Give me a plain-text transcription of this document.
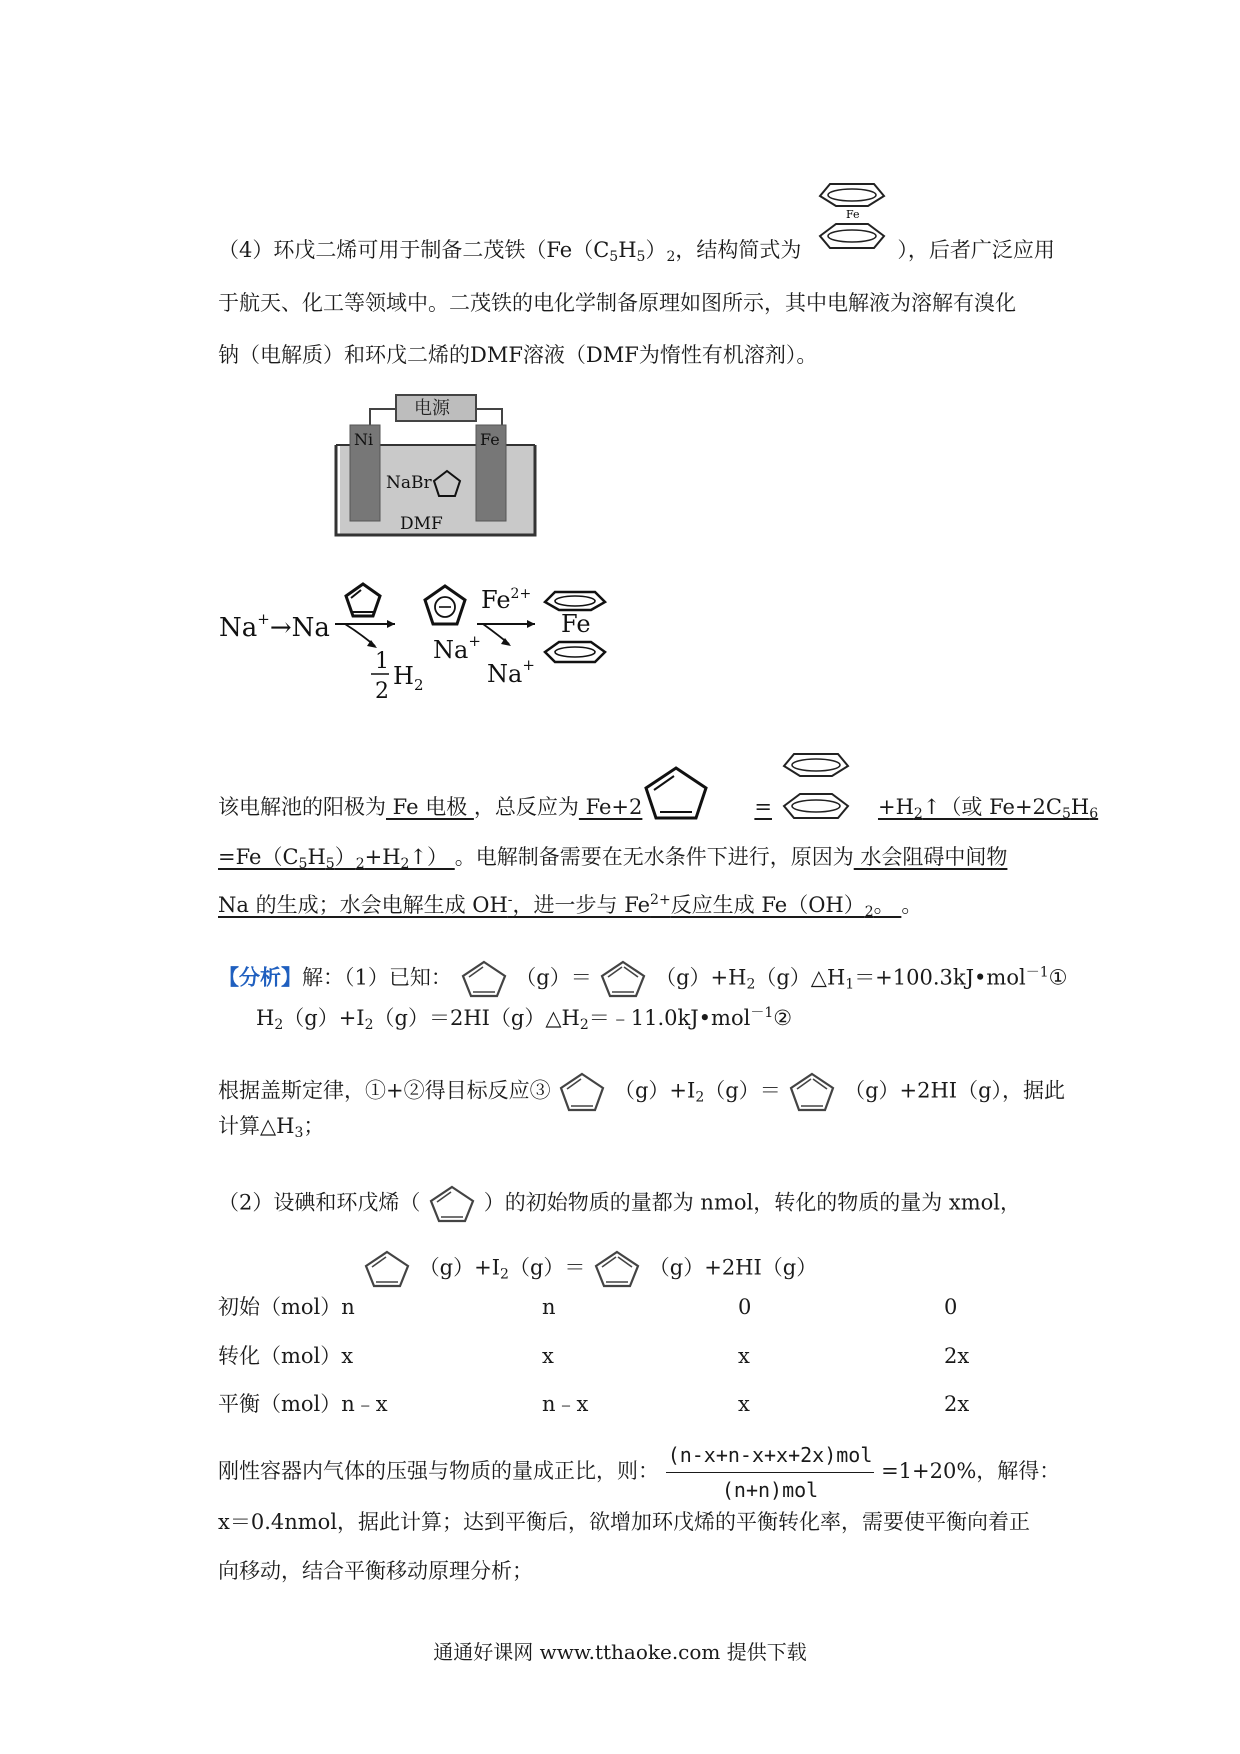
Fe
（4）环戊二烯可用于制备二茂铁（$Fe(C_5H_5)_2$，结构简式为	），后者广泛应用
于航天、化工等领域中。二茂铁的电化学制备原理如图所示，其中电解液为溶解有溴化
钠（电解质）和环戊二烯的DMF溶液（DMF为惰性有机溶剂）。
电源
Ni	Fe
NaBr
DMF
Na+→Na
1
2
$H_2$
Na+
$Fe^{2+}$
Na+
Fe
该电解池的阳极为 Fe 电极 ，总反应为 Fe+2	=	$+H_2↑$（或 $Fe+2C_5H_6$
$=Fe(C_5H_5)_2+H_2↑$） 。电解制备需要在无水条件下进行，原因为 水会阻碍中间物
Na 的生成；水会电解生成 OH-，进一步与 $Fe^{2+}$反应生成 $Fe(OH)_2$。 。
【分析】解：（1）已知：	（g）＝	$(g)+H_2(g)\triangle H_1=+100.3kJ•mol^{-1}①$
$H_2(g)+I_2(g)=2HI(g)\triangle H_2=﹣11.0kJ•mol^{-1}②$
根据盖斯定律，①+②得目标反应③	$(g)+I_2(g)=$	（g）+2HI（g），据此
计算$\triangle H_3$；
（2）设碘和环戊烯（	）的初始物质的量都为 nmol，转化的物质的量为 xmol，
$(g)+I_2(g)=$	（g）+2HI（g）
初始（mol）n	n	0	0
转化（mol）x	x	x	2x
平衡（mol）n﹣x	n﹣x	x	2x
刚性容器内气体的压强与物质的量成正比，则： $\frac{\text{(n-x+n-x+x+2x)mol}}{\text{(n+n)mol}} =1+20\%$，解得：
x＝0.4nmol，据此计算；达到平衡后，欲增加环戊烯的平衡转化率，需要使平衡向着正
向移动，结合平衡移动原理分析；
通通好课网 www.tthaoke.com 提供下载
